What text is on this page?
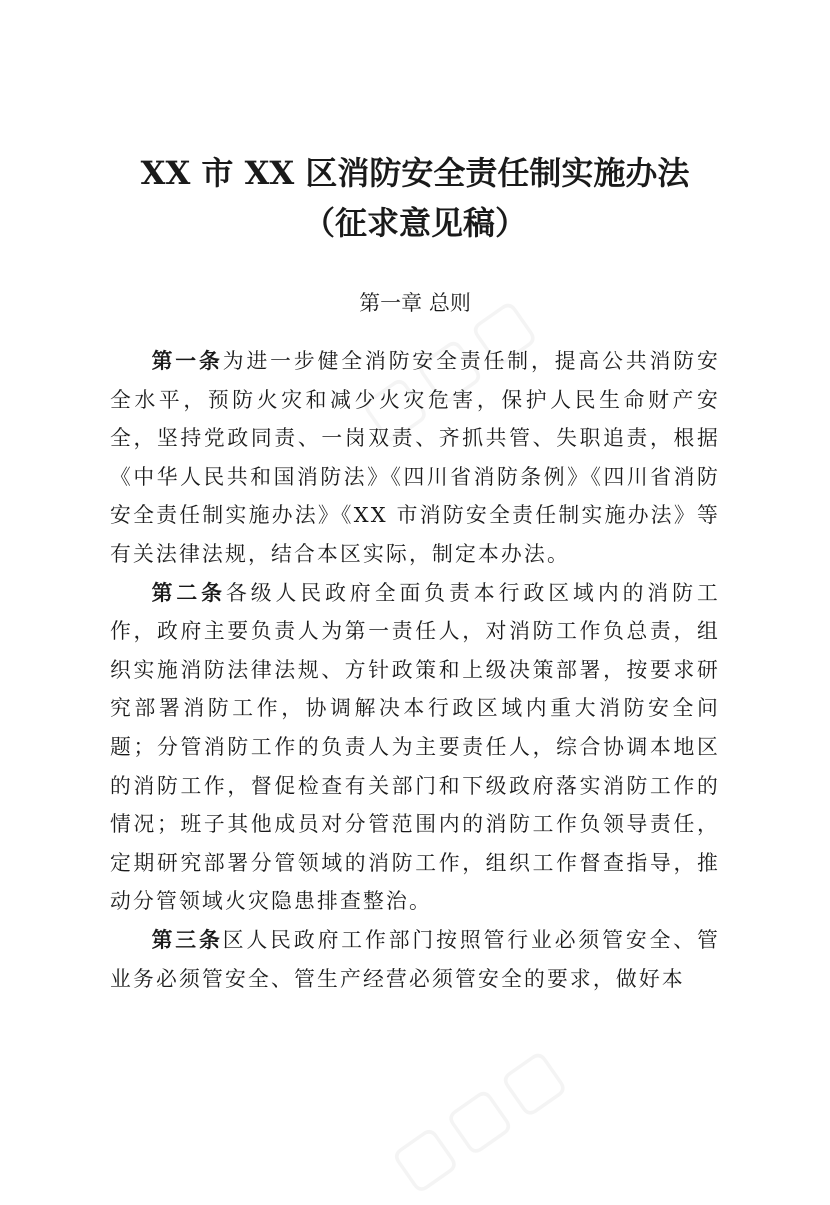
XX 市 XX 区消防安全责任制实施办法
（征求意见稿）
第一章 总则

第一条为进一步健全消防安全责任制，提高公共消防安全水平，预防火灾和减少火灾危害，保护人民生命财产安全，坚持党政同责、一岗双责、齐抓共管、失职追责，根据《中华人民共和国消防法》《四川省消防条例》《四川省消防安全责任制实施办法》《XX 市消防安全责任制实施办法》等有关法律法规，结合本区实际，制定本办法。

第二条各级人民政府全面负责本行政区域内的消防工作，政府主要负责人为第一责任人，对消防工作负总责，组织实施消防法律法规、方针政策和上级决策部署，按要求研究部署消防工作，协调解决本行政区域内重大消防安全问题；分管消防工作的负责人为主要责任人，综合协调本地区的消防工作，督促检查有关部门和下级政府落实消防工作的情况；班子其他成员对分管范围内的消防工作负领导责任，定期研究部署分管领域的消防工作，组织工作督查指导，推动分管领域火灾隐患排查整治。

第三条区人民政府工作部门按照管行业必须管安全、管业务必须管安全、管生产经营必须管安全的要求，做好本
